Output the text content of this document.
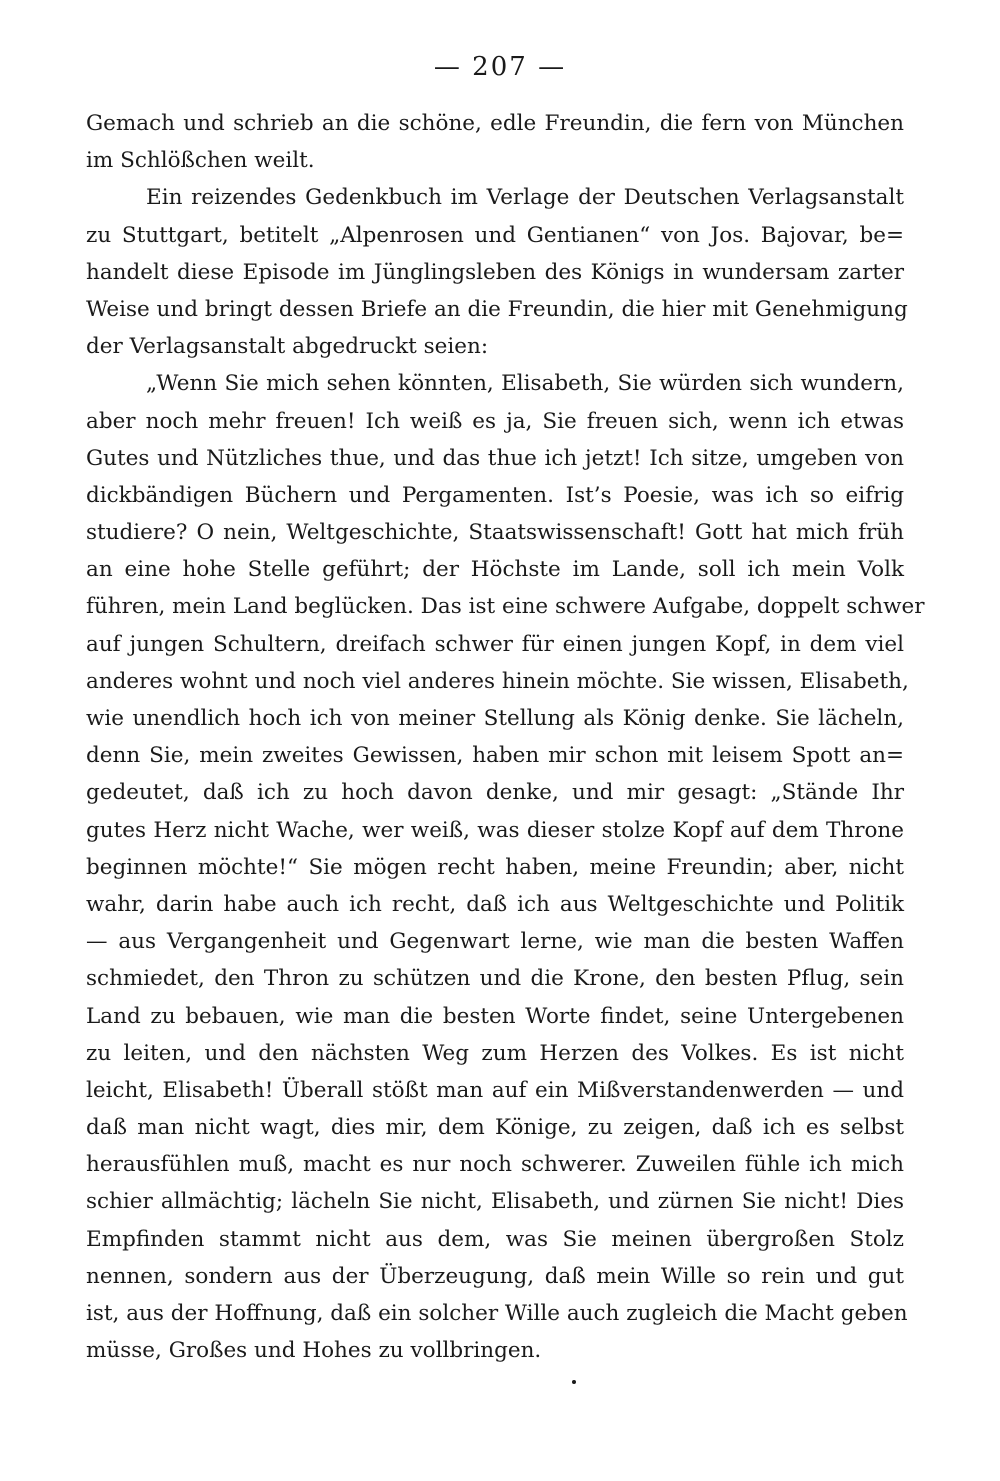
— 207 —
Gemach und schrieb an die schöne, edle Freundin, die fern von München
im Schlößchen weilt.
Ein reizendes Gedenkbuch im Verlage der Deutschen Verlagsanstalt
zu Stuttgart, betitelt „Alpenrosen und Gentianen“ von Jos. Bajovar, be=
handelt diese Episode im Jünglingsleben des Königs in wundersam zarter
Weise und bringt dessen Briefe an die Freundin, die hier mit Genehmigung
der Verlagsanstalt abgedruckt seien:
„Wenn Sie mich sehen könnten, Elisabeth, Sie würden sich wundern,
aber noch mehr freuen! Ich weiß es ja, Sie freuen sich, wenn ich etwas
Gutes und Nützliches thue, und das thue ich jetzt! Ich sitze, umgeben von
dickbändigen Büchern und Pergamenten. Ist’s Poesie, was ich so eifrig
studiere? O nein, Weltgeschichte, Staatswissenschaft! Gott hat mich früh
an eine hohe Stelle geführt; der Höchste im Lande, soll ich mein Volk
führen, mein Land beglücken. Das ist eine schwere Aufgabe, doppelt schwer
auf jungen Schultern, dreifach schwer für einen jungen Kopf, in dem viel
anderes wohnt und noch viel anderes hinein möchte. Sie wissen, Elisabeth,
wie unendlich hoch ich von meiner Stellung als König denke. Sie lächeln,
denn Sie, mein zweites Gewissen, haben mir schon mit leisem Spott an=
gedeutet, daß ich zu hoch davon denke, und mir gesagt: „Stände Ihr
gutes Herz nicht Wache, wer weiß, was dieser stolze Kopf auf dem Throne
beginnen möchte!“ Sie mögen recht haben, meine Freundin; aber, nicht
wahr, darin habe auch ich recht, daß ich aus Weltgeschichte und Politik
— aus Vergangenheit und Gegenwart lerne, wie man die besten Waffen
schmiedet, den Thron zu schützen und die Krone, den besten Pflug, sein
Land zu bebauen, wie man die besten Worte findet, seine Untergebenen
zu leiten, und den nächsten Weg zum Herzen des Volkes. Es ist nicht
leicht, Elisabeth! Überall stößt man auf ein Mißverstandenwerden — und
daß man nicht wagt, dies mir, dem Könige, zu zeigen, daß ich es selbst
herausfühlen muß, macht es nur noch schwerer. Zuweilen fühle ich mich
schier allmächtig; lächeln Sie nicht, Elisabeth, und zürnen Sie nicht! Dies
Empfinden stammt nicht aus dem, was Sie meinen übergroßen Stolz
nennen, sondern aus der Überzeugung, daß mein Wille so rein und gut
ist, aus der Hoffnung, daß ein solcher Wille auch zugleich die Macht geben
müsse, Großes und Hohes zu vollbringen.
